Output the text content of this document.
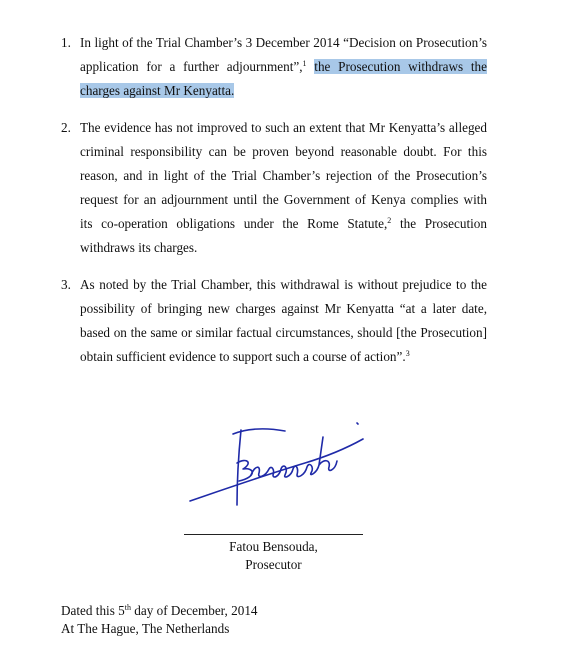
1. In light of the Trial Chamber’s 3 December 2014 “Decision on Prosecution’s
application for a further adjournment”,$^1$ the Prosecution withdraws the
charges against Mr Kenyatta.
2. The evidence has not improved to such an extent that Mr Kenyatta’s alleged
criminal responsibility can be proven beyond reasonable doubt. For this
reason, and in light of the Trial Chamber’s rejection of the Prosecution’s
request for an adjournment until the Government of Kenya complies with
its co-operation obligations under the Rome Statute,$^2$ the Prosecution
withdraws its charges.
3. As noted by the Trial Chamber, this withdrawal is without prejudice to the
possibility of bringing new charges against Mr Kenyatta “at a later date,
based on the same or similar factual circumstances, should [the Prosecution]
obtain sufficient evidence to support such a course of action”.$^3$
Fatou Bensouda,
Prosecutor
Dated this 5th day of December, 2014
At The Hague, The Netherlands
